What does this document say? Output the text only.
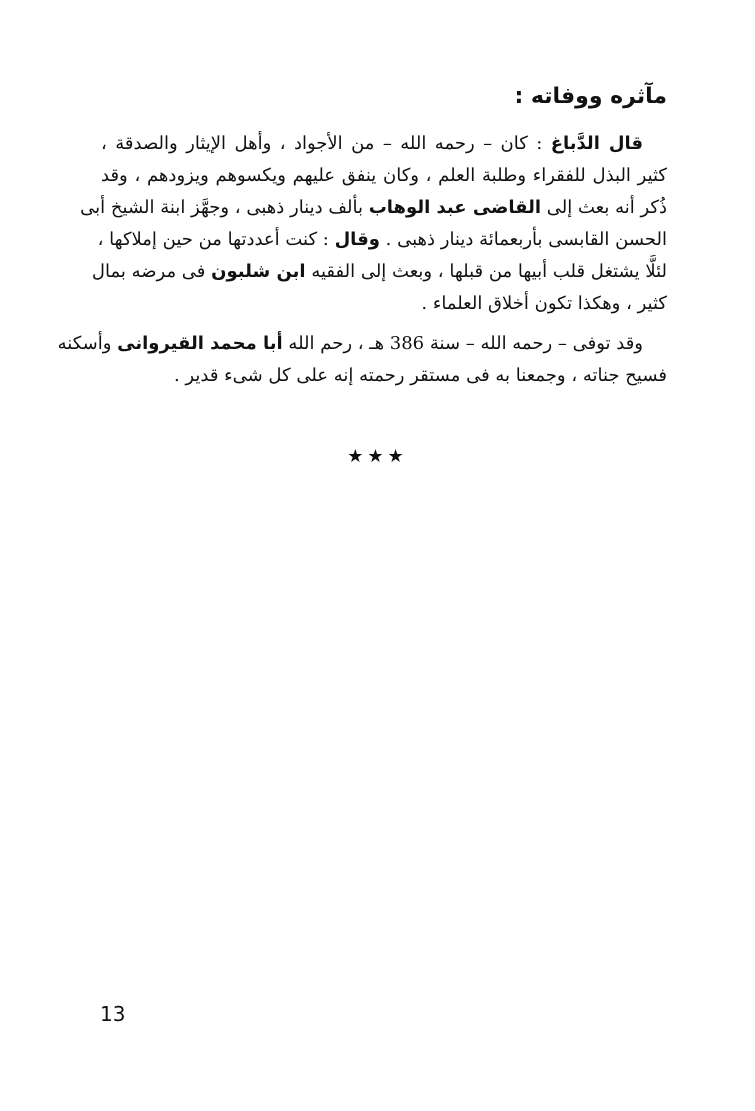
مآثره ووفاته :
قال الدَّباغ : كان – رحمه الله – من الأجواد ، وأهل الإيثار والصدقة ،
كثير البذل للفقراء وطلبة العلم ، وكان ينفق عليهم ويكسوهم ويزودهم ، وقد
ذُكر أنه بعث إلى القاضى عبد الوهاب بألف دينار ذهبى ، وجهَّز ابنة الشيخ أبى
الحسن القابسى بأربعمائة دينار ذهبى . وقال : كنت أعددتها من حين إملاكها ،
لئلَّا يشتغل قلب أبيها من قبلها ، وبعث إلى الفقيه ابن شلبون فى مرضه بمال
كثير ، وهكذا تكون أخلاق العلماء .
وقد توفى – رحمه الله – سنة 386 هـ ، رحم الله أبا محمد القيروانى وأسكنه
فسيح جناته ، وجمعنا به فى مستقر رحمته إنه على كل شىء قدير .
★★★
13
